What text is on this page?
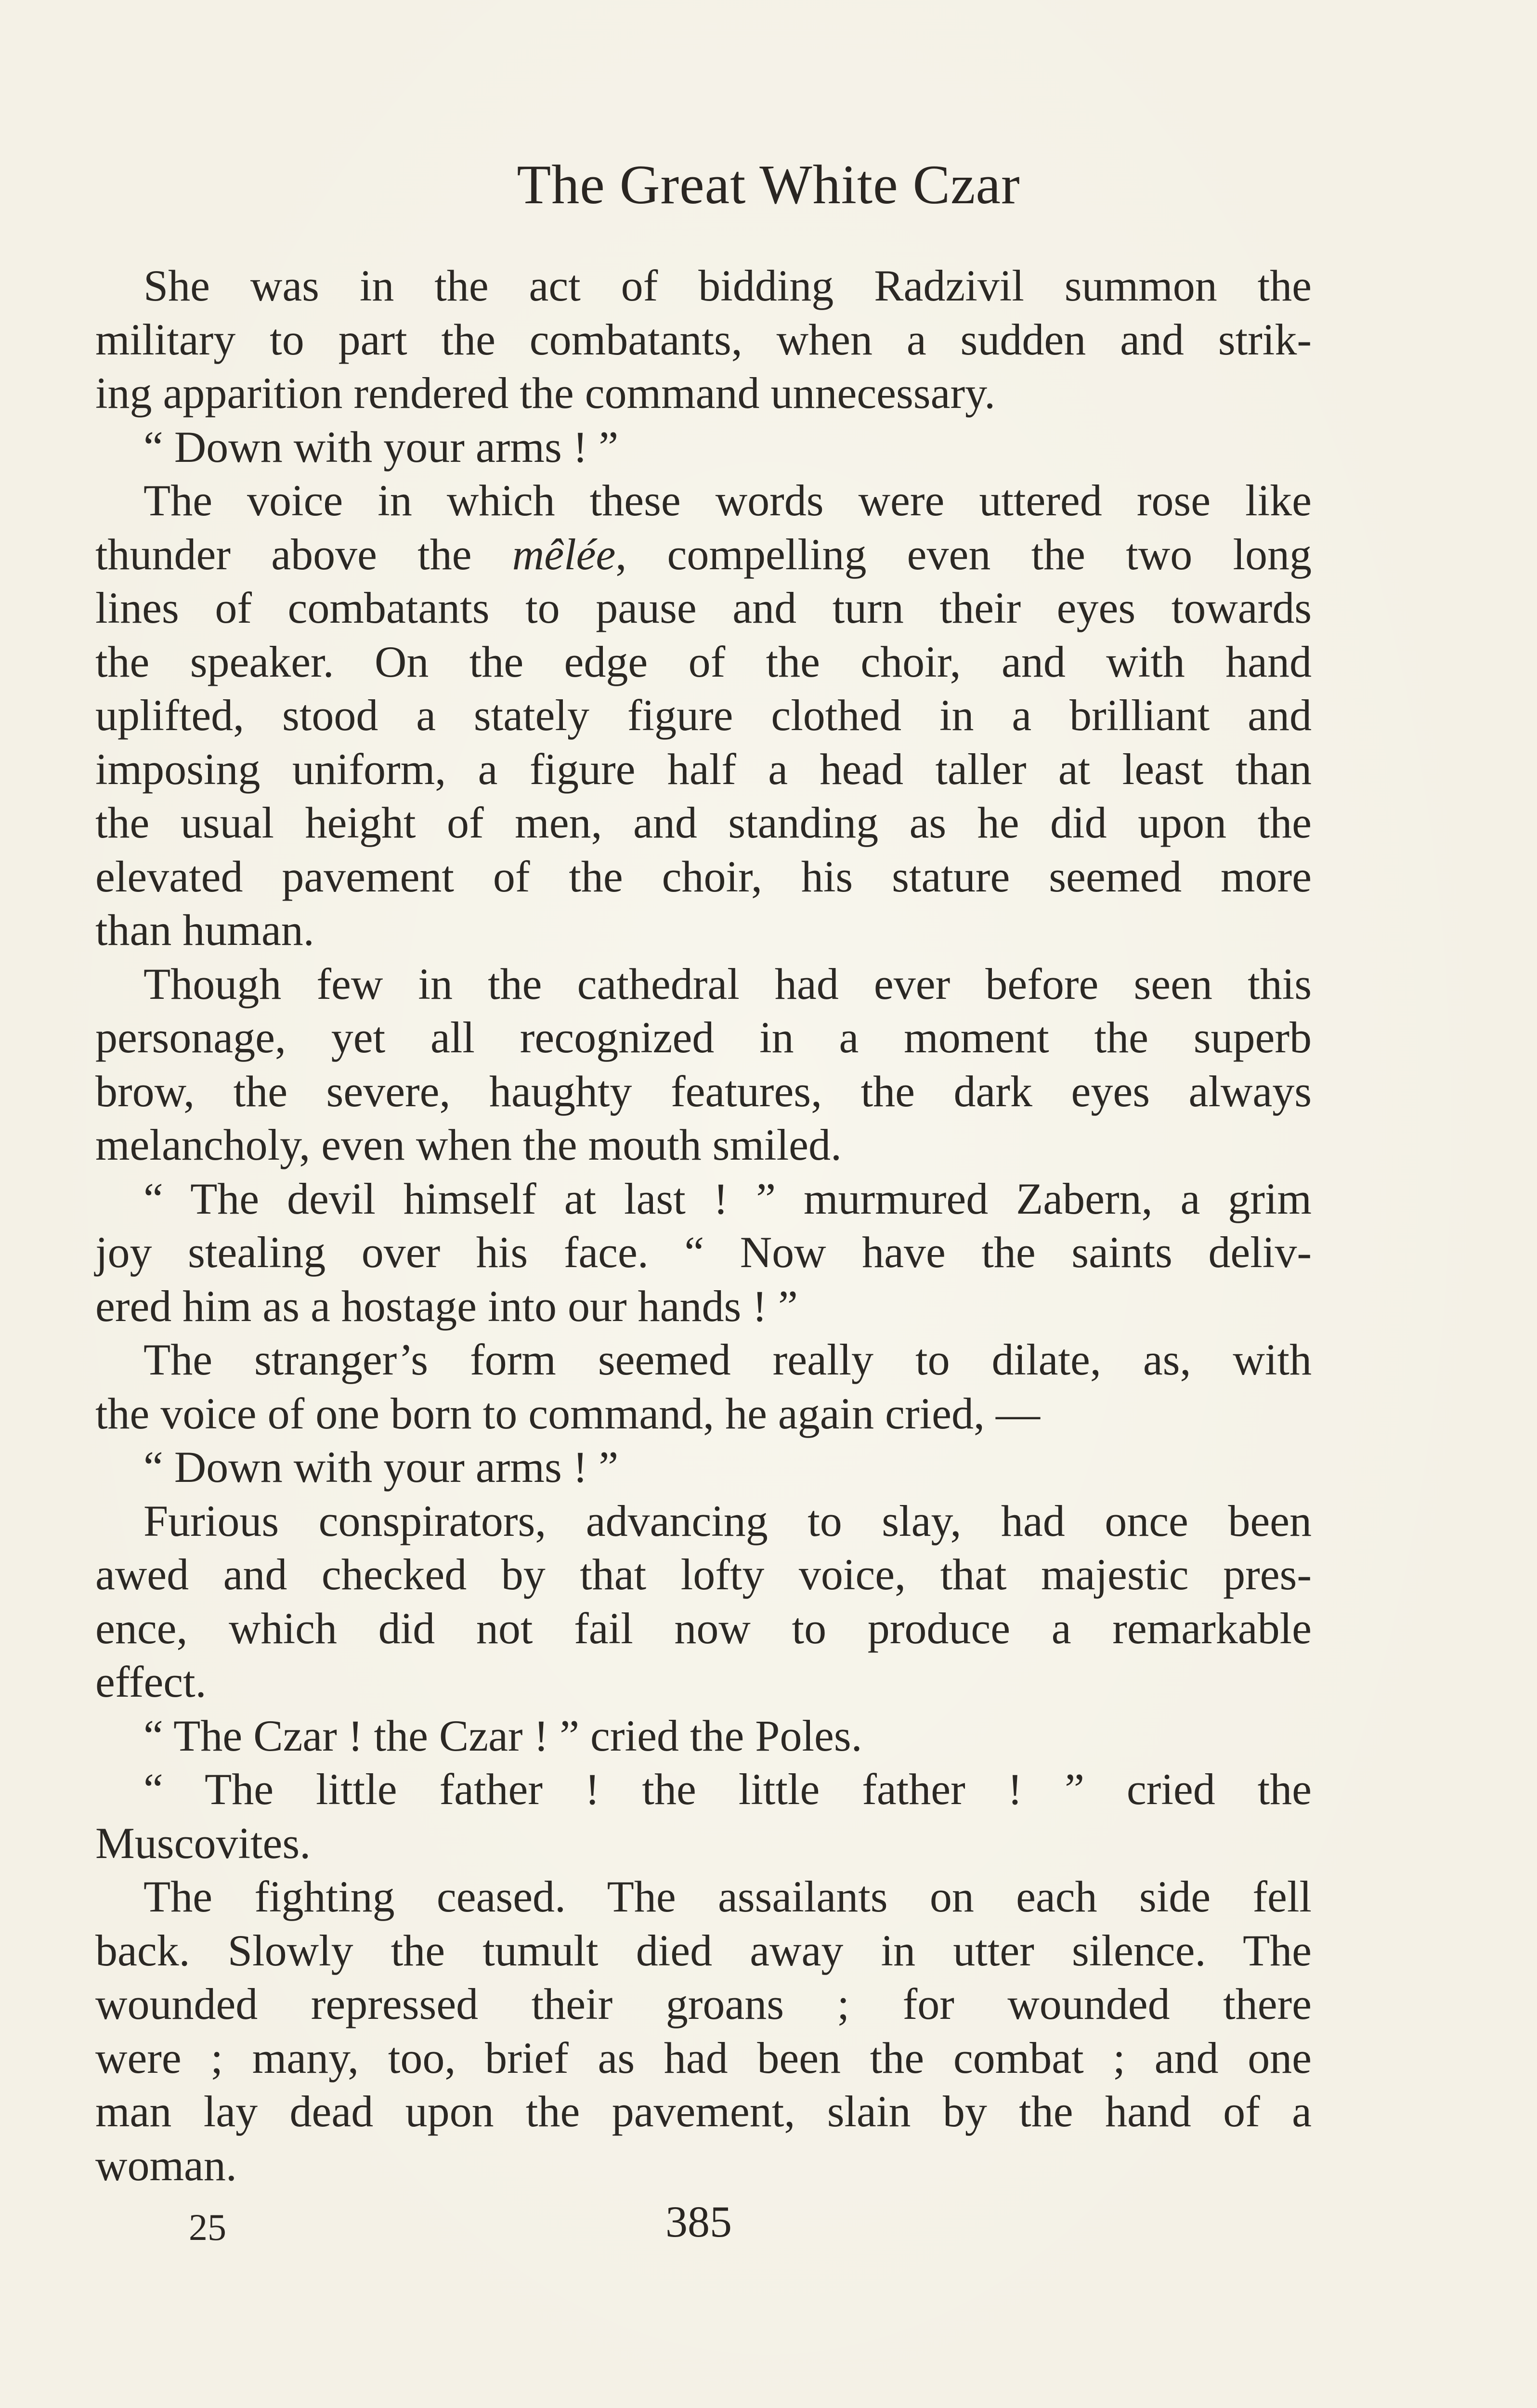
The Great White Czar
She was in the act of bidding Radzivil summon the
military to part the combatants, when a sudden and strik-
ing apparition rendered the command unnecessary.
“ Down with your arms ! ”
The voice in which these words were uttered rose like
thunder above the mêlée, compelling even the two long
lines of combatants to pause and turn their eyes towards
the speaker. On the edge of the choir, and with hand
uplifted, stood a stately figure clothed in a brilliant and
imposing uniform, a figure half a head taller at least than
the usual height of men, and standing as he did upon the
elevated pavement of the choir, his stature seemed more
than human.
Though few in the cathedral had ever before seen this
personage, yet all recognized in a moment the superb
brow, the severe, haughty features, the dark eyes always
melancholy, even when the mouth smiled.
“ The devil himself at last ! ” murmured Zabern, a grim
joy stealing over his face. “ Now have the saints deliv-
ered him as a hostage into our hands ! ”
The stranger’s form seemed really to dilate, as, with
the voice of one born to command, he again cried, —
“ Down with your arms ! ”
Furious conspirators, advancing to slay, had once been
awed and checked by that lofty voice, that majestic pres-
ence, which did not fail now to produce a remarkable
effect.
“ The Czar ! the Czar ! ” cried the Poles.
“ The little father ! the little father ! ” cried the
Muscovites.
The fighting ceased. The assailants on each side fell
back. Slowly the tumult died away in utter silence. The
wounded repressed their groans ; for wounded there
were ; many, too, brief as had been the combat ; and one
man lay dead upon the pavement, slain by the hand of a
woman.
25	385
